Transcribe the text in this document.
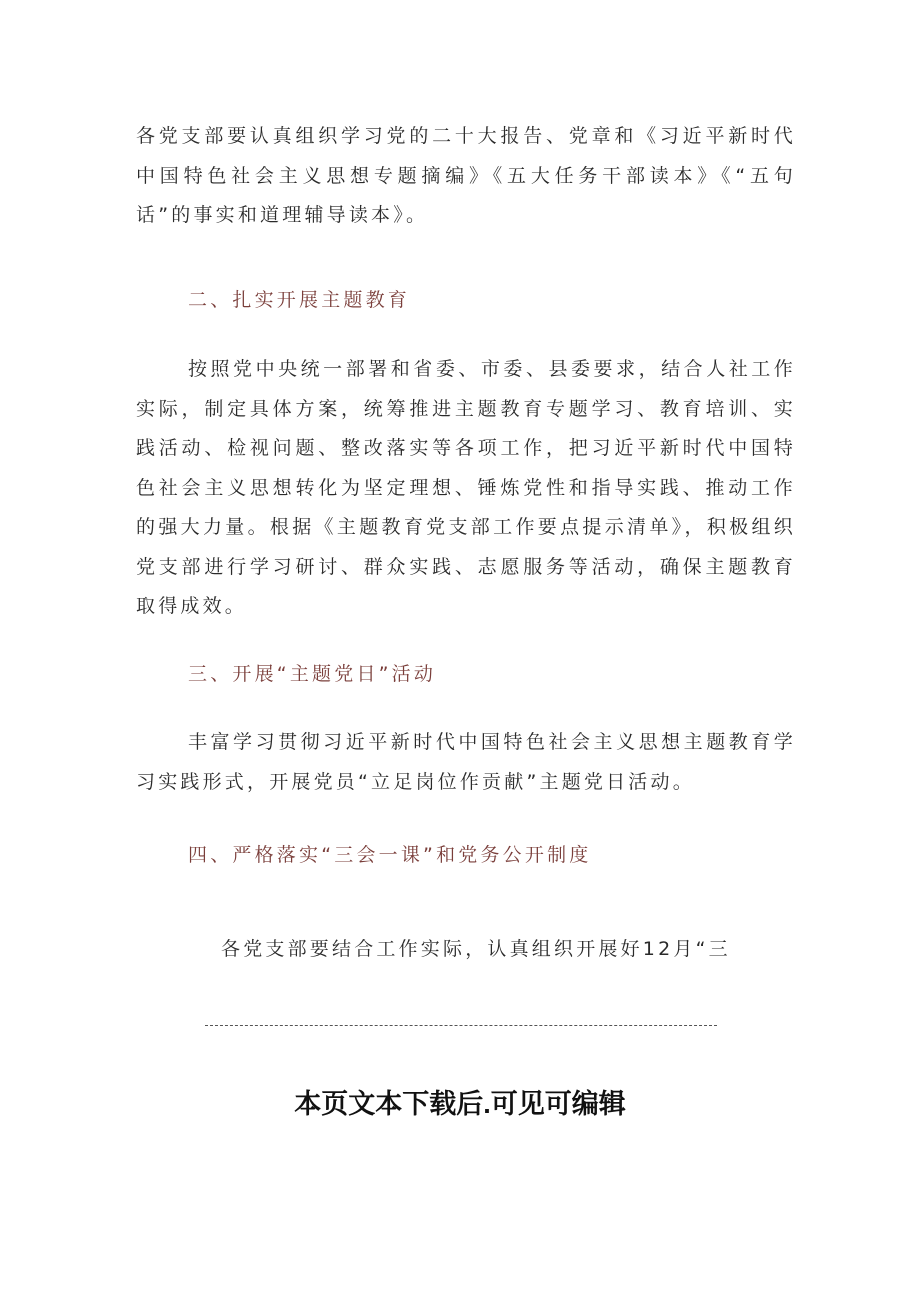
各党支部要认真组织学习党的二十大报告、党章和《习近平新时代中国特色社会主义思想专题摘编》《五大任务干部读本》《“五句话”的事实和道理辅导读本》。

二、扎实开展主题教育

按照党中央统一部署和省委、市委、县委要求，结合人社工作实际，制定具体方案，统筹推进主题教育专题学习、教育培训、实践活动、检视问题、整改落实等各项工作，把习近平新时代中国特色社会主义思想转化为坚定理想、锤炼党性和指导实践、推动工作的强大力量。根据《主题教育党支部工作要点提示清单》，积极组织党支部进行学习研讨、群众实践、志愿服务等活动，确保主题教育取得成效。

三、开展“主题党日”活动

丰富学习贯彻习近平新时代中国特色社会主义思想主题教育学习实践形式，开展党员“立足岗位作贡献”主题党日活动。

四、严格落实“三会一课”和党务公开制度

各党支部要结合工作实际，认真组织开展好12月“三

本页文本下载后.可见可编辑
